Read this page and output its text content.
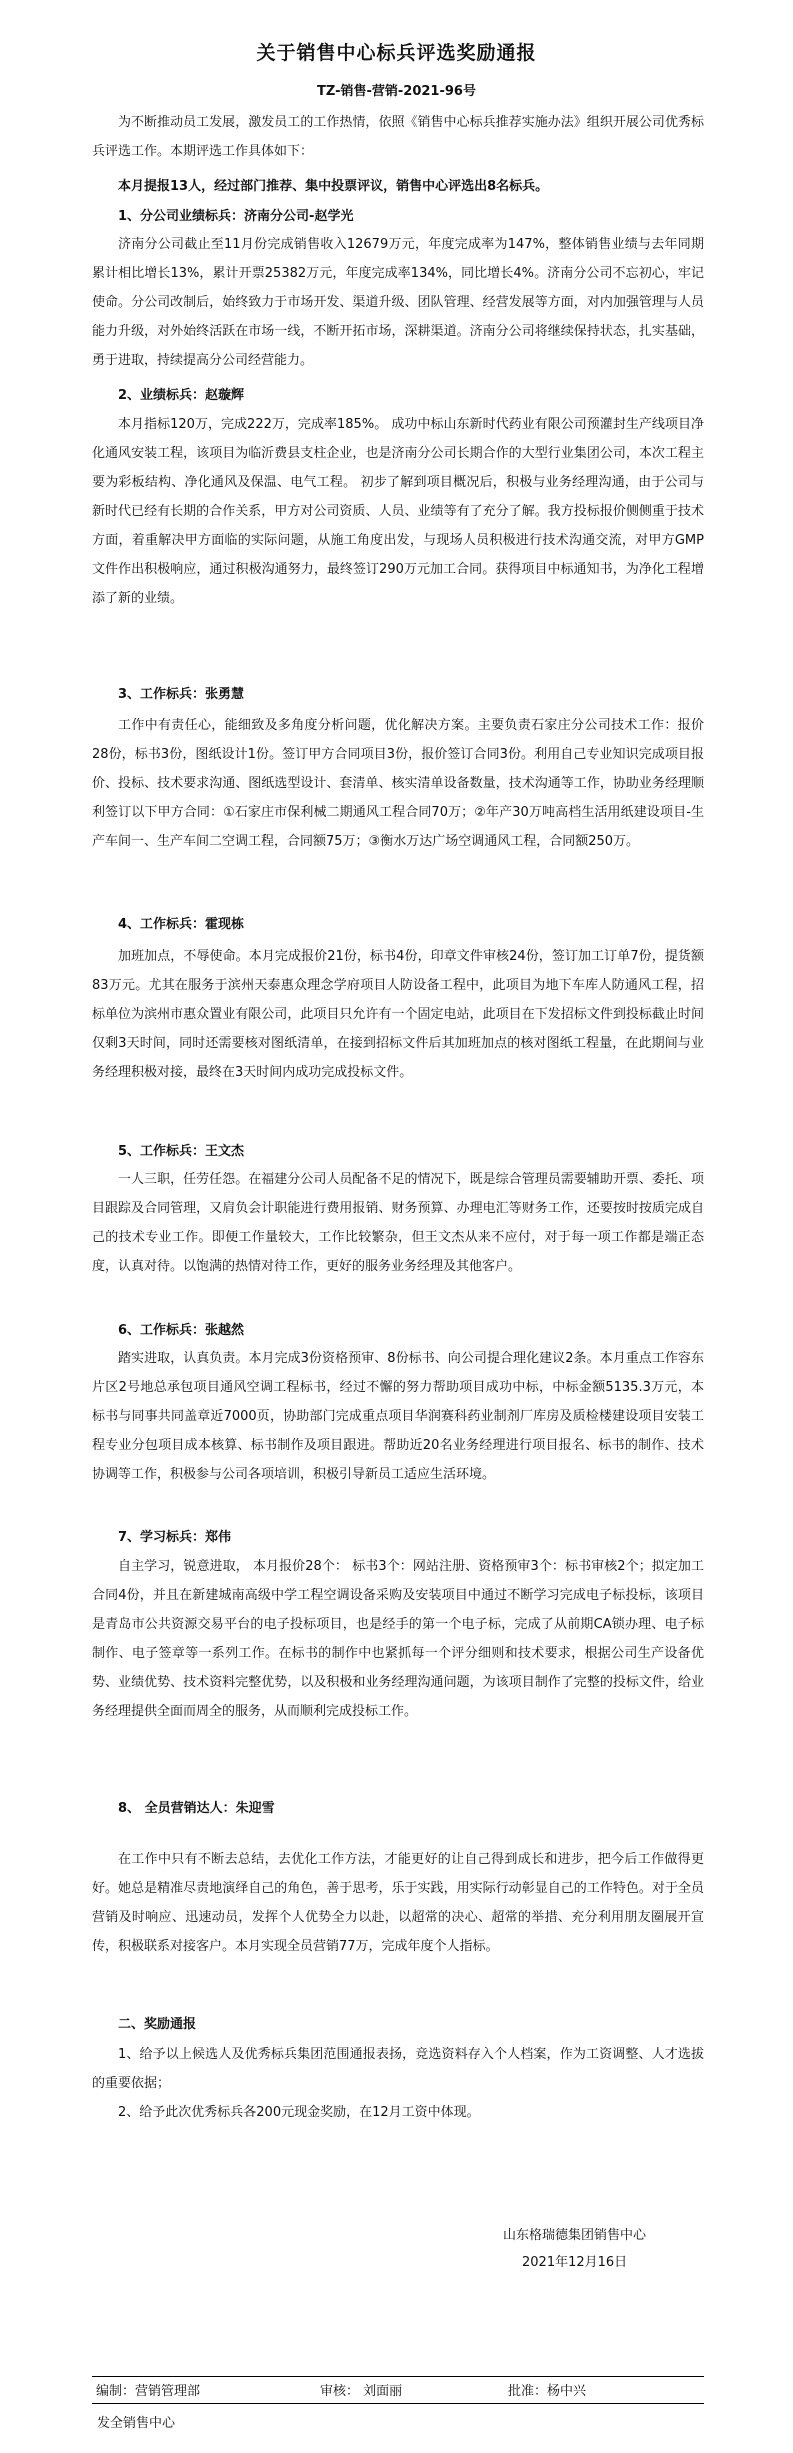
关于销售中心标兵评选奖励通报
TZ-销售-营销-2021-96号

为不断推动员工发展，激发员工的工作热情，依照《销售中心标兵推荐实施办法》组织开展公司优秀标兵评选工作。本期评选工作具体如下：

本月提报13人，经过部门推荐、集中投票评议，销售中心评选出8名标兵。

1、分公司业绩标兵：济南分公司-赵学光

济南分公司截止至11月份完成销售收入12679万元，年度完成率为147%，整体销售业绩与去年同期累计相比增长13%，累计开票25382万元，年度完成率134%，同比增长4%。济南分公司不忘初心，牢记使命。分公司改制后，始终致力于市场开发、渠道升级、团队管理、经营发展等方面，对内加强管理与人员能力升级，对外始终活跃在市场一线，不断开拓市场，深耕渠道。济南分公司将继续保持状态，扎实基础，勇于进取，持续提高分公司经营能力。

2、业绩标兵：赵璇辉

本月指标120万，完成222万，完成率185%。 成功中标山东新时代药业有限公司预灌封生产线项目净化通风安装工程，该项目为临沂费县支柱企业，也是济南分公司长期合作的大型行业集团公司，本次工程主要为彩板结构、净化通风及保温、电气工程。 初步了解到项目概况后，积极与业务经理沟通，由于公司与新时代已经有长期的合作关系，甲方对公司资质、人员、业绩等有了充分了解。我方投标报价侧侧重于技术方面，着重解决甲方面临的实际问题，从施工角度出发，与现场人员积极进行技术沟通交流，对甲方GMP文件作出积极响应，通过积极沟通努力，最终签订290万元加工合同。获得项目中标通知书，为净化工程增添了新的业绩。

3、工作标兵：张勇慧

工作中有责任心，能细致及多角度分析问题，优化解决方案。主要负责石家庄分公司技术工作：报价28份，标书3份，图纸设计1份。签订甲方合同项目3份，报价签订合同3份。利用自己专业知识完成项目报价、投标、技术要求沟通、图纸选型设计、套清单、核实清单设备数量，技术沟通等工作，协助业务经理顺利签订以下甲方合同：①石家庄市保利械二期通风工程合同70万；②年产30万吨高档生活用纸建设项目-生产车间一、生产车间二空调工程，合同额75万；③衡水万达广场空调通风工程，合同额250万。

4、工作标兵：霍现栋

加班加点，不辱使命。本月完成报价21份，标书4份，印章文件审核24份，签订加工订单7份，提货额83万元。尤其在服务于滨州天泰惠众理念学府项目人防设备工程中，此项目为地下车库人防通风工程，招标单位为滨州市惠众置业有限公司，此项目只允许有一个固定电站，此项目在下发招标文件到投标截止时间仅剩3天时间，同时还需要核对图纸清单，在接到招标文件后其加班加点的核对图纸工程量，在此期间与业务经理积极对接，最终在3天时间内成功完成投标文件。

5、工作标兵：王文杰

一人三职，任劳任怨。在福建分公司人员配备不足的情况下，既是综合管理员需要辅助开票、委托、项目跟踪及合同管理，又肩负会计职能进行费用报销、财务预算、办理电汇等财务工作，还要按时按质完成自己的技术专业工作。即便工作量较大，工作比较繁杂，但王文杰从来不应付，对于每一项工作都是端正态度，认真对待。以饱满的热情对待工作，更好的服务业务经理及其他客户。

6、工作标兵：张越然

踏实进取，认真负责。本月完成3份资格预审、8份标书、向公司提合理化建议2条。本月重点工作容东片区2号地总承包项目通风空调工程标书，经过不懈的努力帮助项目成功中标，中标金额5135.3万元，本标书与同事共同盖章近7000页，协助部门完成重点项目华润赛科药业制剂厂库房及质检楼建设项目安装工程专业分包项目成本核算、标书制作及项目跟进。帮助近20名业务经理进行项目报名、标书的制作、技术协调等工作，积极参与公司各项培训，积极引导新员工适应生活环境。

7、学习标兵：郑伟

自主学习，锐意进取， 本月报价28个： 标书3个：网站注册、资格预审3个：标书审核2个；拟定加工合同4份，并且在新建城南高级中学工程空调设备采购及安装项目中通过不断学习完成电子标投标，该项目是青岛市公共资源交易平台的电子投标项目，也是经手的第一个电子标，完成了从前期CA锁办理、电子标制作、电子签章等一系列工作。在标书的制作中也紧抓每一个评分细则和技术要求，根据公司生产设备优势、业绩优势、技术资料完整优势，以及积极和业务经理沟通问题，为该项目制作了完整的投标文件，给业务经理提供全面而周全的服务，从而顺利完成投标工作。

8、 全员营销达人：朱迎雪

在工作中只有不断去总结，去优化工作方法，才能更好的让自己得到成长和进步，把今后工作做得更好。她总是精准尽责地演绎自己的角色，善于思考，乐于实践，用实际行动彰显自己的工作特色。对于全员营销及时响应、迅速动员，发挥个人优势全力以赴，以超常的决心、超常的举措、充分利用朋友圈展开宣传，积极联系对接客户。本月实现全员营销77万，完成年度个人指标。

二、奖励通报

1、给予以上候选人及优秀标兵集团范围通报表扬，竞选资料存入个人档案，作为工资调整、人才选拔的重要依据；

2、给予此次优秀标兵各200元现金奖励，在12月工资中体现。

山东格瑞德集团销售中心
2021年12月16日
编制：营销管理部	审核： 刘面丽	批准：杨中兴
发全销售中心
